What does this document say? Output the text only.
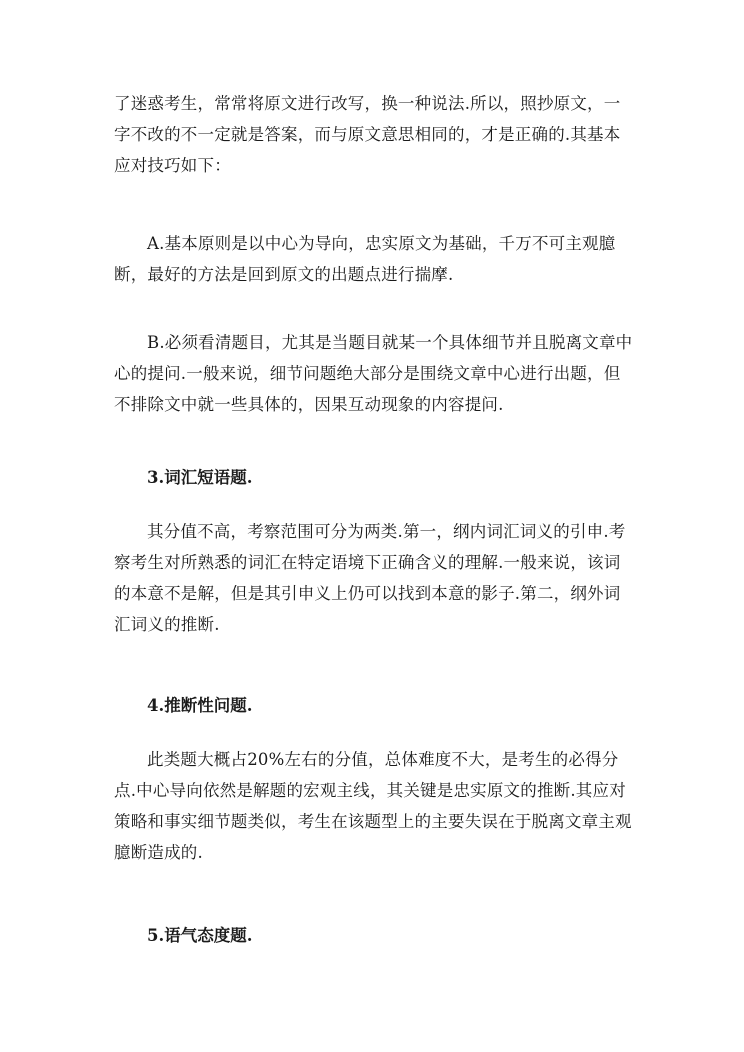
了迷惑考生，常常将原文进行改写，换一种说法.所以，照抄原文，一字不改的不一定就是答案，而与原文意思相同的，才是正确的.其基本应对技巧如下：

A.基本原则是以中心为导向，忠实原文为基础，千万不可主观臆断，最好的方法是回到原文的出题点进行揣摩.

B.必须看清题目，尤其是当题目就某一个具体细节并且脱离文章中心的提问.一般来说，细节问题绝大部分是围绕文章中心进行出题，但不排除文中就一些具体的，因果互动现象的内容提问.

3.词汇短语题.

其分值不高，考察范围可分为两类.第一，纲内词汇词义的引申.考察考生对所熟悉的词汇在特定语境下正确含义的理解.一般来说，该词的本意不是解，但是其引申义上仍可以找到本意的影子.第二，纲外词汇词义的推断.

4.推断性问题.

此类题大概占20%左右的分值，总体难度不大，是考生的必得分点.中心导向依然是解题的宏观主线，其关键是忠实原文的推断.其应对策略和事实细节题类似，考生在该题型上的主要失误在于脱离文章主观臆断造成的.

5.语气态度题.
